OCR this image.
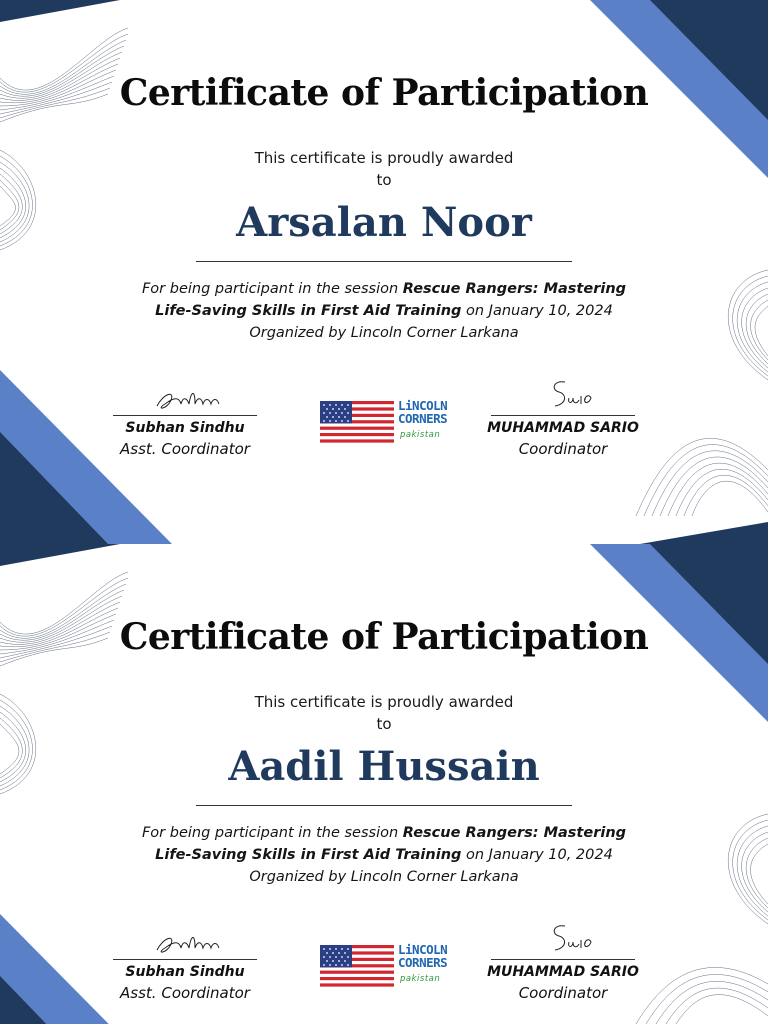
Certificate of Participation
This certificate is proudly awarded
to
Arsalan Noor
For being participant in the session Rescue Rangers: Mastering
Life-Saving Skills in First Aid Training on January 10, 2024
Organized by Lincoln Corner Larkana
Subhan Sindhu
Asst. Coordinator
LiNCOLN
CORNERS
pakistan	MUHAMMAD SARIO
Coordinator
Certificate of Participation
This certificate is proudly awarded
to
Aadil Hussain
For being participant in the session Rescue Rangers: Mastering
Life-Saving Skills in First Aid Training on January 10, 2024
Organized by Lincoln Corner Larkana
Subhan Sindhu
Asst. Coordinator
LiNCOLN
CORNERS
pakistan	MUHAMMAD SARIO
Coordinator
